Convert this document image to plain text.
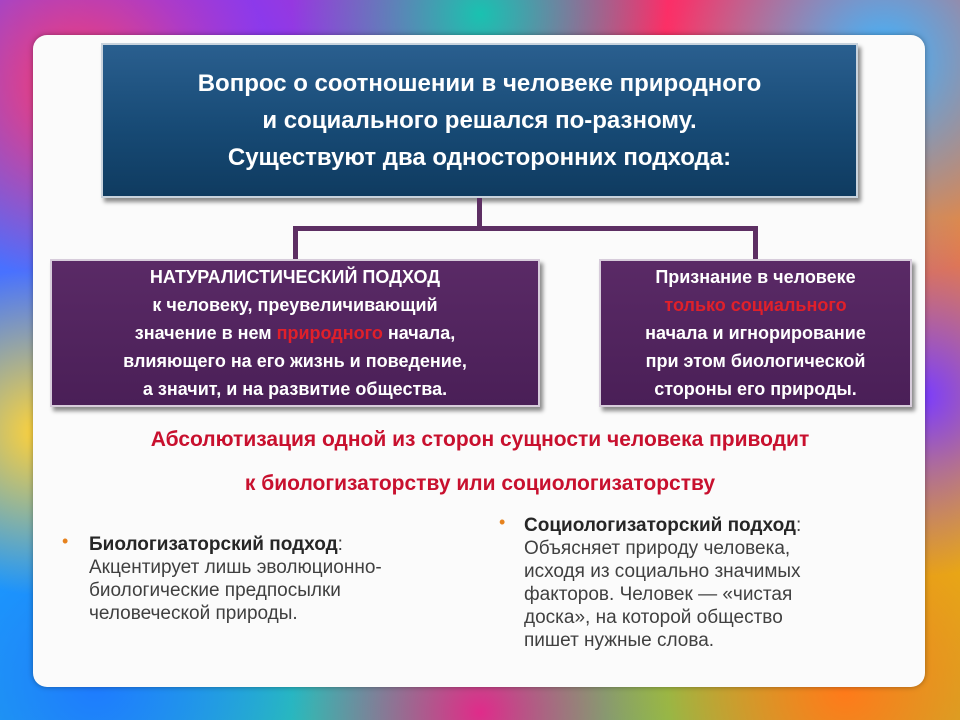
Вопрос о соотношении в человеке природного
и социального решался по-разному.
Существуют два односторонних подхода:
НАТУРАЛИСТИЧЕСКИЙ ПОДХОД
к человеку, преувеличивающий
значение в нем природного начала,
влияющего на его жизнь и поведение,
а значит, и на развитие общества.
Признание в человеке
только социального
начала и игнорирование
при этом биологической
стороны его природы.
Абсолютизация одной из сторон сущности человека приводит
к биологизаторству или социологизаторству
• Биологизаторский подход:
Акцентирует лишь эволюционно-
биологические предпосылки
человеческой природы.
• Социологизаторский подход:
Объясняет природу человека,
исходя из социально значимых
факторов. Человек — «чистая
доска», на которой общество
пишет нужные слова.
